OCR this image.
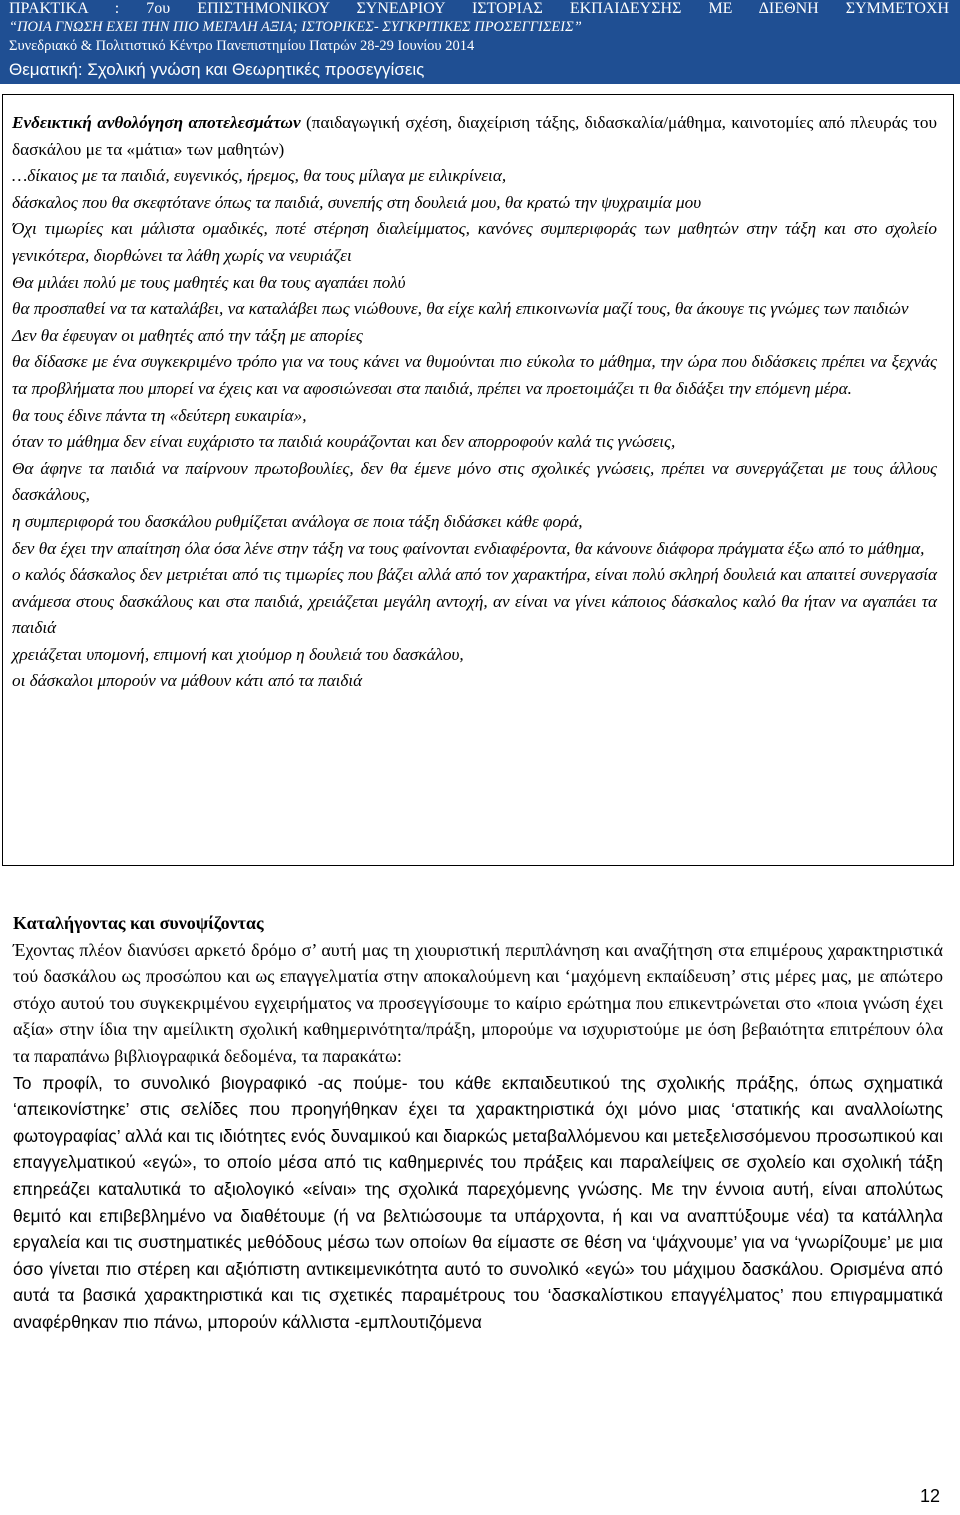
ΠΡΑΚΤΙΚΑ : 7ου ΕΠΙΣΤΗΜΟΝΙΚΟΥ ΣΥΝΕΔΡΙΟΥ ΙΣΤΟΡΙΑΣ ΕΚΠΑΙΔΕΥΣΗΣ ΜΕ ΔΙΕΘΝΗ ΣΥΜΜΕΤΟΧΗ
“ΠΟΙΑ ΓΝΩΣΗ ΕΧΕΙ ΤΗΝ ΠΙΟ ΜΕΓΑΛΗ ΑΞΙΑ; ΙΣΤΟΡΙΚΕΣ- ΣΥΓΚΡΙΤΙΚΕΣ ΠΡΟΣΕΓΓΙΣΕΙΣ”
Συνεδριακό & Πολιτιστικό Κέντρο Πανεπιστημίου Πατρών 28-29 Ιουνίου 2014
Θεματική: Σχολική γνώση και Θεωρητικές προσεγγίσεις

Ενδεικτική ανθολόγηση αποτελεσμάτων (παιδαγωγική σχέση, διαχείριση τάξης, διδασκαλία/μάθημα, καινοτομίες από πλευράς του δασκάλου με τα «μάτια» των μαθητών)

…δίκαιος με τα παιδιά, ευγενικός, ήρεμος, θα τους μίλαγα με ειλικρίνεια,

δάσκαλος που θα σκεφτότανε όπως τα παιδιά, συνεπής στη δουλειά μου, θα κρατώ την ψυχραιμία μου

Όχι τιμωρίες και μάλιστα ομαδικές, ποτέ στέρηση διαλείμματος, κανόνες συμπεριφοράς των μαθητών στην τάξη και στο σχολείο γενικότερα, διορθώνει τα λάθη χωρίς να νευριάζει

Θα μιλάει πολύ με τους μαθητές και θα τους αγαπάει πολύ

θα προσπαθεί να τα καταλάβει, να καταλάβει πως νιώθουνε, θα είχε καλή επικοινωνία μαζί τους, θα άκουγε τις γνώμες των παιδιών

Δεν θα έφευγαν οι μαθητές από την τάξη με απορίες

θα δίδασκε με ένα συγκεκριμένο τρόπο για να τους κάνει να θυμούνται πιο εύκολα το μάθημα, την ώρα που διδάσκεις πρέπει να ξεχνάς τα προβλήματα που μπορεί να έχεις και να αφοσιώνεσαι στα παιδιά, πρέπει να προετοιμάζει τι θα διδάξει την επόμενη μέρα.

θα τους έδινε πάντα τη «δεύτερη ευκαιρία»,

όταν το μάθημα δεν είναι ευχάριστο τα παιδιά κουράζονται και δεν απορροφούν καλά τις γνώσεις,

Θα άφηνε τα παιδιά να παίρνουν πρωτοβουλίες, δεν θα έμενε μόνο στις σχολικές γνώσεις, πρέπει να συνεργάζεται με τους άλλους δασκάλους,

η συμπεριφορά του δασκάλου ρυθμίζεται ανάλογα σε ποια τάξη διδάσκει κάθε φορά,

δεν θα έχει την απαίτηση όλα όσα λένε στην τάξη να τους φαίνονται ενδιαφέροντα, θα κάνουνε διάφορα πράγματα έξω από το μάθημα,

ο καλός δάσκαλος δεν μετριέται από τις τιμωρίες που βάζει αλλά από τον χαρακτήρα, είναι πολύ σκληρή δουλειά και απαιτεί συνεργασία ανάμεσα στους δασκάλους και στα παιδιά, χρειάζεται μεγάλη αντοχή, αν είναι να γίνει κάποιος δάσκαλος καλό θα ήταν να αγαπάει τα παιδιά

χρειάζεται υπομονή, επιμονή και χιούμορ η δουλειά του δασκάλου,

οι δάσκαλοι μπορούν να μάθουν κάτι από τα παιδιά

Καταλήγοντας και συνοψίζοντας

Έχοντας πλέον διανύσει αρκετό δρόμο σ’ αυτή μας τη χιουριστική περιπλάνηση και αναζήτηση στα επιμέρους χαρακτηριστικά τού δασκάλου ως προσώπου και ως επαγγελματία στην αποκαλούμενη και ‘μαχόμενη εκπαίδευση’ στις μέρες μας, με απώτερο στόχο αυτού του συγκεκριμένου εγχειρήματος να προσεγγίσουμε το καίριο ερώτημα που επικεντρώνεται στο «ποια γνώση έχει αξία» στην ίδια την αμείλικτη σχολική καθημερινότητα/πράξη, μπορούμε να ισχυριστούμε με όση βεβαιότητα επιτρέπουν όλα τα παραπάνω βιβλιογραφικά δεδομένα, τα παρακάτω:

Το προφίλ, το συνολικό βιογραφικό -ας πούμε- του κάθε εκπαιδευτικού της σχολικής πράξης, όπως σχηματικά ‘απεικονίστηκε’ στις σελίδες που προηγήθηκαν έχει τα χαρακτηριστικά όχι μόνο μιας ‘στατικής και αναλλοίωτης φωτογραφίας’ αλλά και τις ιδιότητες ενός δυναμικού και διαρκώς μεταβαλλόμενου και μετεξελισσόμενου προσωπικού και επαγγελματικού «εγώ», το οποίο μέσα από τις καθημερινές του πράξεις και παραλείψεις σε σχολείο και σχολική τάξη επηρεάζει καταλυτικά το αξιολογικό «είναι» της σχολικά παρεχόμενης γνώσης. Με την έννοια αυτή, είναι απολύτως θεμιτό και επιβεβλημένο να διαθέτουμε (ή να βελτιώσουμε τα υπάρχοντα, ή και να αναπτύξουμε νέα) τα κατάλληλα εργαλεία και τις συστηματικές μεθόδους μέσω των οποίων θα είμαστε σε θέση να ‘ψάχνουμε’ για να ‘γνωρίζουμε’ με μια όσο γίνεται πιο στέρεη και αξιόπιστη αντικειμενικότητα αυτό το συνολικό «εγώ» του μάχιμου δασκάλου. Ορισμένα από αυτά τα βασικά χαρακτηριστικά και τις σχετικές παραμέτρους του ‘δασκαλίστικου επαγγέλματος’ που επιγραμματικά αναφέρθηκαν πιο πάνω, μπορούν κάλλιστα -εμπλουτιζόμενα

12
